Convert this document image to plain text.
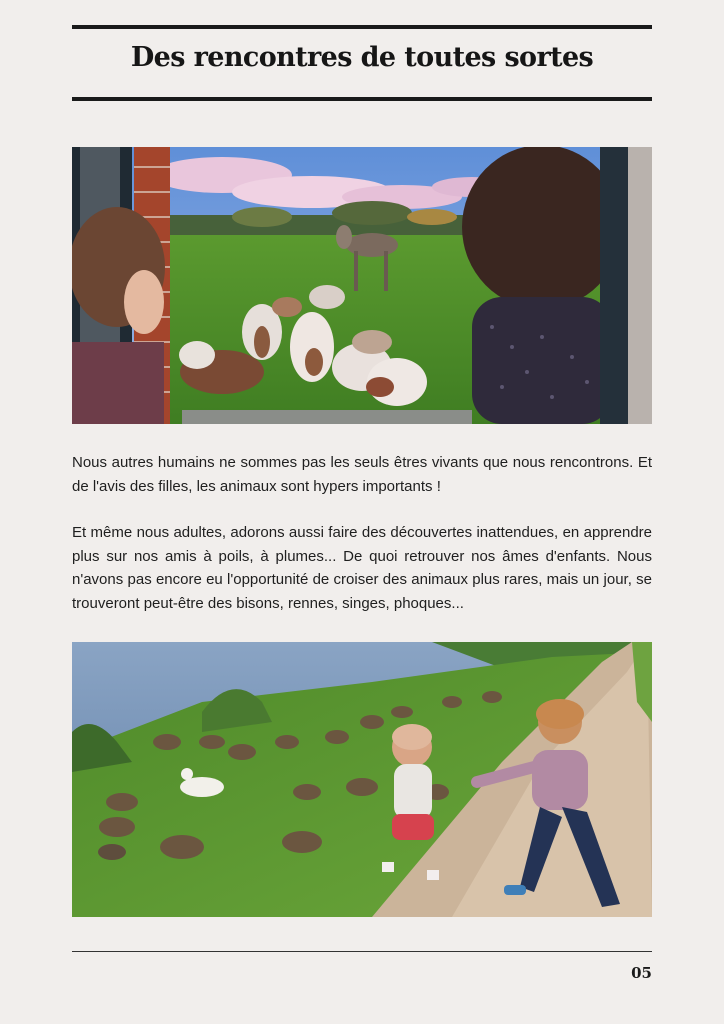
Des rencontres de toutes sortes

Nous autres humains ne sommes pas les seuls êtres vivants que nous rencontrons. Et de l'avis des filles, les animaux sont hypers importants !

Et même nous adultes, adorons aussi faire des découvertes inattendues, en apprendre plus sur nos amis à poils, à plumes... De quoi retrouver nos âmes d'enfants. Nous n'avons pas encore eu l'opportunité de croiser des animaux plus rares, mais un jour, se trouveront peut-être des bisons, rennes, singes, phoques...

05
